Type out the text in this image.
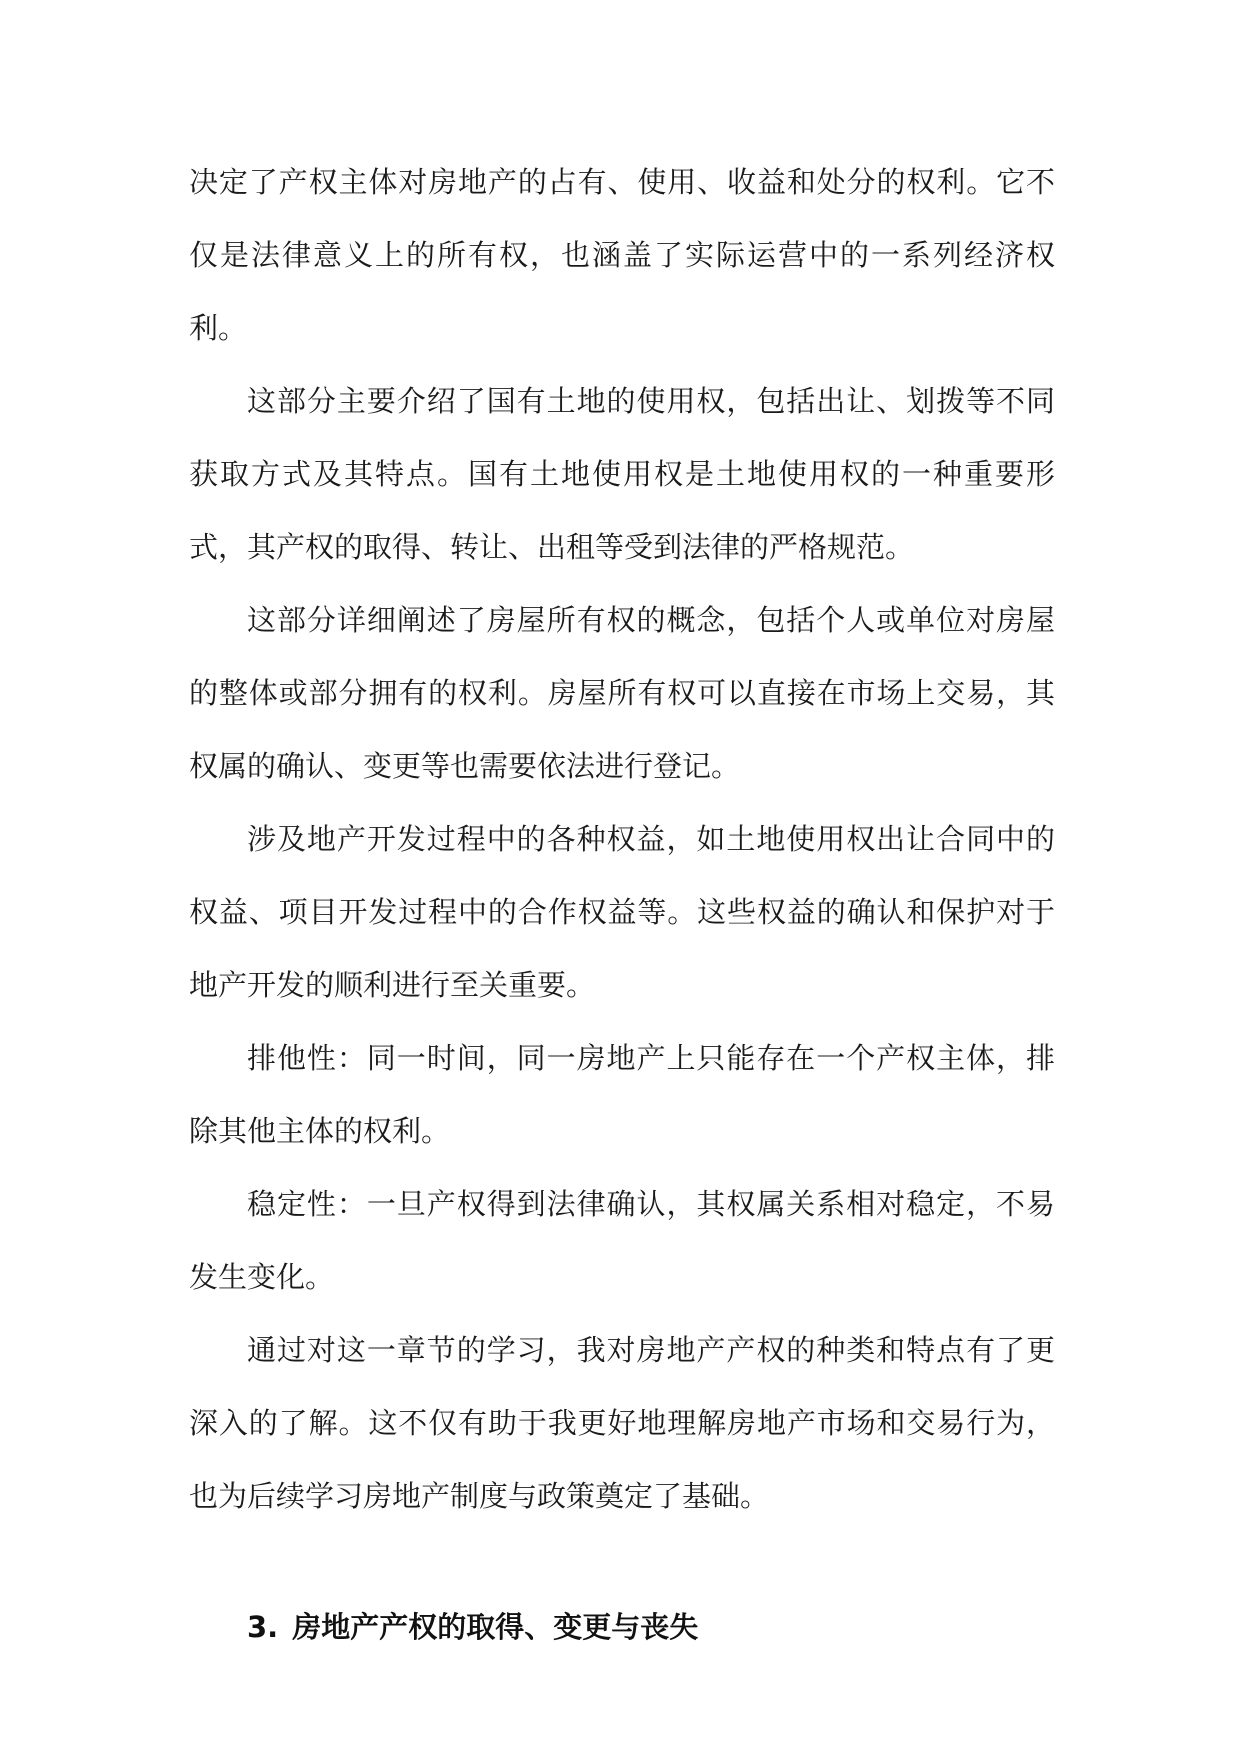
决定了产权主体对房地产的占有、使用、收益和处分的权利。它不仅是法律意义上的所有权，也涵盖了实际运营中的一系列经济权利。

这部分主要介绍了国有土地的使用权，包括出让、划拨等不同获取方式及其特点。国有土地使用权是土地使用权的一种重要形式，其产权的取得、转让、出租等受到法律的严格规范。

这部分详细阐述了房屋所有权的概念，包括个人或单位对房屋的整体或部分拥有的权利。房屋所有权可以直接在市场上交易，其权属的确认、变更等也需要依法进行登记。

涉及地产开发过程中的各种权益，如土地使用权出让合同中的权益、项目开发过程中的合作权益等。这些权益的确认和保护对于地产开发的顺利进行至关重要。

排他性：同一时间，同一房地产上只能存在一个产权主体，排除其他主体的权利。

稳定性：一旦产权得到法律确认，其权属关系相对稳定，不易发生变化。

通过对这一章节的学习，我对房地产产权的种类和特点有了更深入的了解。这不仅有助于我更好地理解房地产市场和交易行为，也为后续学习房地产制度与政策奠定了基础。

3. 房地产产权的取得、变更与丧失
